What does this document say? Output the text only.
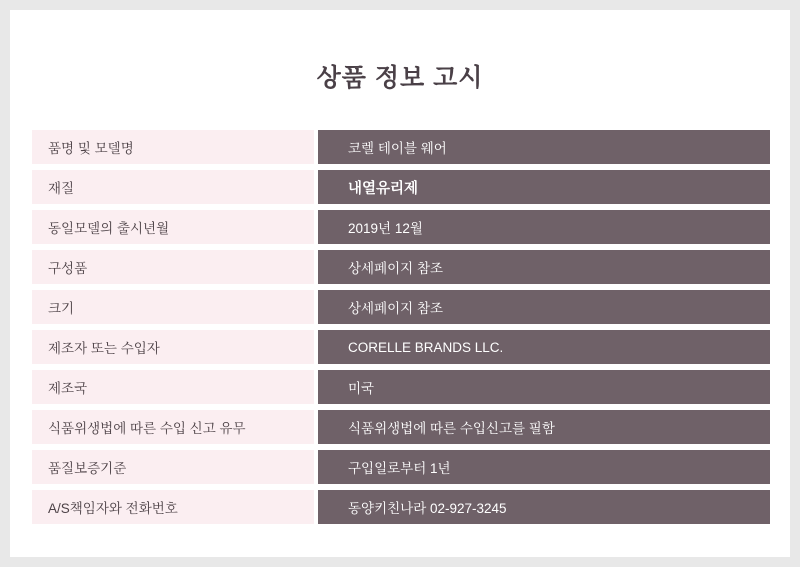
상품 정보 고시
품명 및 모델명	코렐 테이블 웨어
재질	내열유리제
동일모델의 출시년월	2019년 12월
구성품	상세페이지 참조
크기	상세페이지 참조
제조자 또는 수입자	CORELLE BRANDS LLC.
제조국	미국
식품위생법에 따른 수입 신고 유무	식품위생법에 따른 수입신고를 필함
품질보증기준	구입일로부터 1년
A/S책임자와 전화번호	동양키친나라 02-927-3245
